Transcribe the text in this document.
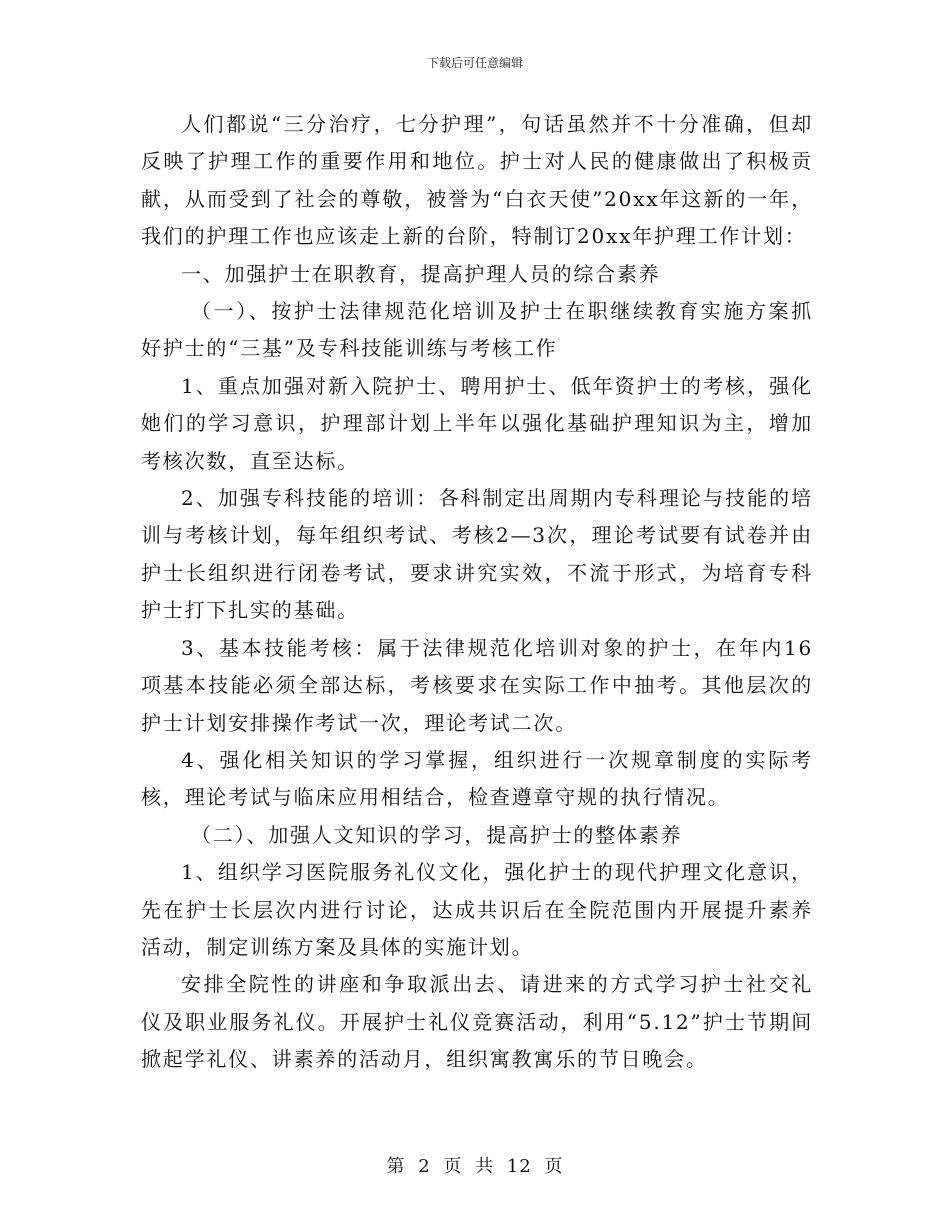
下载后可任意编辑

人们都说“三分治疗，七分护理”，句话虽然并不十分准确，但却反映了护理工作的重要作用和地位。护士对人民的健康做出了积极贡献，从而受到了社会的尊敬，被誉为“白衣天使”20xx年这新的一年，我们的护理工作也应该走上新的台阶，特制订20xx年护理工作计划：

一、加强护士在职教育，提高护理人员的综合素养

（一）、按护士法律规范化培训及护士在职继续教育实施方案抓好护士的“三基”及专科技能训练与考核工作

1、重点加强对新入院护士、聘用护士、低年资护士的考核，强化她们的学习意识，护理部计划上半年以强化基础护理知识为主，增加考核次数，直至达标。

2、加强专科技能的培训：各科制定出周期内专科理论与技能的培训与考核计划，每年组织考试、考核2—3次，理论考试要有试卷并由护士长组织进行闭卷考试，要求讲究实效，不流于形式，为培育专科护士打下扎实的基础。

3、基本技能考核：属于法律规范化培训对象的护士，在年内16项基本技能必须全部达标，考核要求在实际工作中抽考。其他层次的护士计划安排操作考试一次，理论考试二次。

4、强化相关知识的学习掌握，组织进行一次规章制度的实际考核，理论考试与临床应用相结合，检查遵章守规的执行情况。

（二）、加强人文知识的学习，提高护士的整体素养

1、组织学习医院服务礼仪文化，强化护士的现代护理文化意识，先在护士长层次内进行讨论，达成共识后在全院范围内开展提升素养活动，制定训练方案及具体的实施计划。

安排全院性的讲座和争取派出去、请进来的方式学习护士社交礼仪及职业服务礼仪。开展护士礼仪竞赛活动，利用“5.12”护士节期间掀起学礼仪、讲素养的活动月，组织寓教寓乐的节日晚会。

第 2 页 共 12 页
